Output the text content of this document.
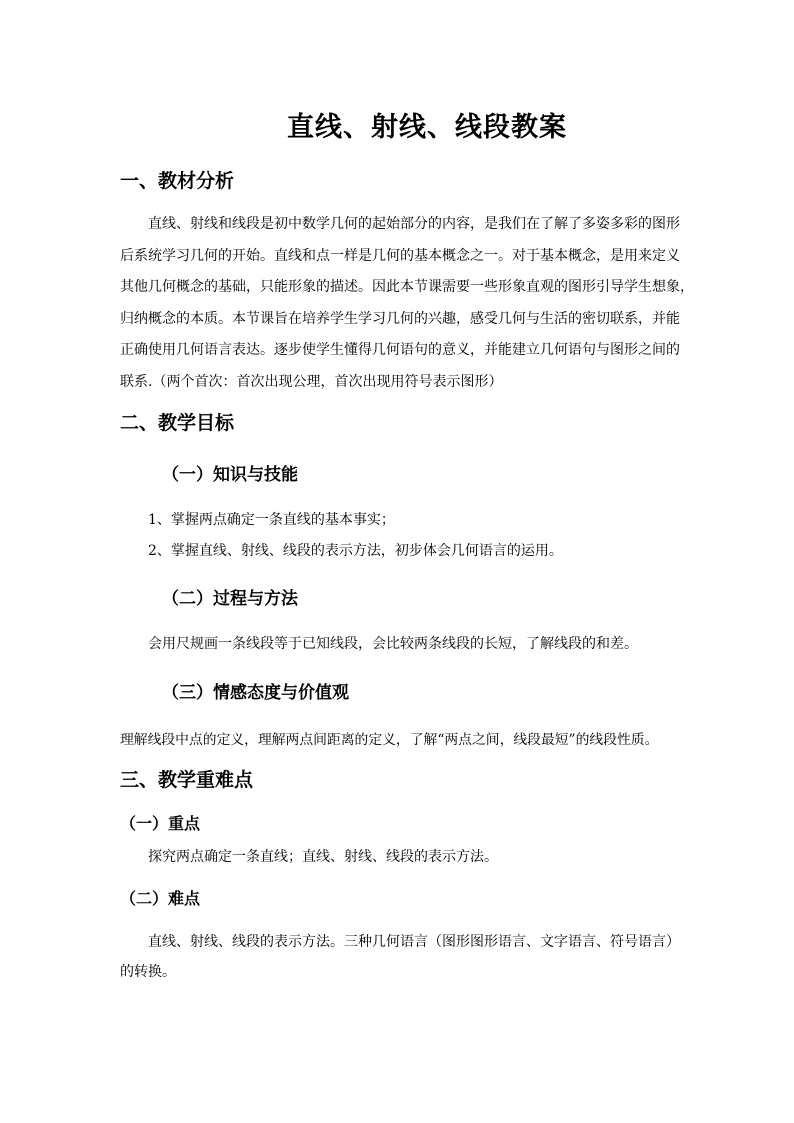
直线、射线、线段教案
一、教材分析

直线、射线和线段是初中数学几何的起始部分的内容，是我们在了解了多姿多彩的图形
后系统学习几何的开始。直线和点一样是几何的基本概念之一。对于基本概念，是用来定义
其他几何概念的基础，只能形象的描述。因此本节课需要一些形象直观的图形引导学生想象，
归纳概念的本质。本节课旨在培养学生学习几何的兴趣，感受几何与生活的密切联系，并能
正确使用几何语言表达。逐步使学生懂得几何语句的意义，并能建立几何语句与图形之间的
联系.（两个首次：首次出现公理，首次出现用符号表示图形）

二、教学目标
（一）知识与技能

1、掌握两点确定一条直线的基本事实；

2、掌握直线、射线、线段的表示方法，初步体会几何语言的运用。

（二）过程与方法

会用尺规画一条线段等于已知线段，会比较两条线段的长短，了解线段的和差。

（三）情感态度与价值观

理解线段中点的定义，理解两点间距离的定义，了解“两点之间，线段最短”的线段性质。

三、教学重难点
（一）重点

探究两点确定一条直线；直线、射线、线段的表示方法。

（二）难点

直线、射线、线段的表示方法。三种几何语言（图形图形语言、文字语言、符号语言）
的转换。
